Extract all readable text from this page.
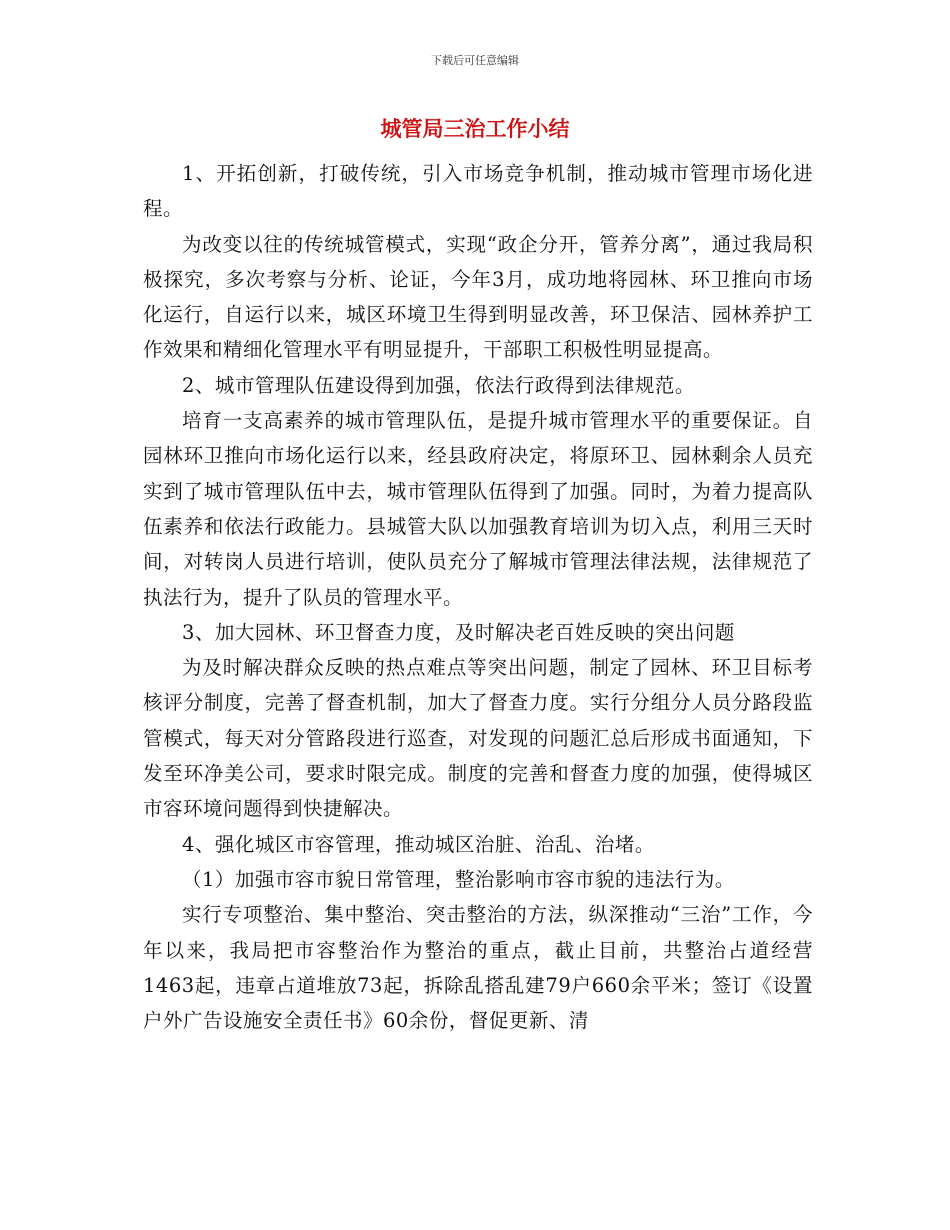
下载后可任意编辑
城管局三治工作小结

1、开拓创新，打破传统，引入市场竞争机制，推动城市管理市场化进程。

为改变以往的传统城管模式，实现“政企分开，管养分离”，通过我局积极探究，多次考察与分析、论证，今年3月，成功地将园林、环卫推向市场化运行，自运行以来，城区环境卫生得到明显改善，环卫保洁、园林养护工作效果和精细化管理水平有明显提升，干部职工积极性明显提高。

2、城市管理队伍建设得到加强，依法行政得到法律规范。

培育一支高素养的城市管理队伍，是提升城市管理水平的重要保证。自园林环卫推向市场化运行以来，经县政府决定，将原环卫、园林剩余人员充实到了城市管理队伍中去，城市管理队伍得到了加强。同时，为着力提高队伍素养和依法行政能力。县城管大队以加强教育培训为切入点，利用三天时间，对转岗人员进行培训，使队员充分了解城市管理法律法规，法律规范了执法行为，提升了队员的管理水平。

3、加大园林、环卫督查力度，及时解决老百姓反映的突出问题

为及时解决群众反映的热点难点等突出问题，制定了园林、环卫目标考核评分制度，完善了督查机制，加大了督查力度。实行分组分人员分路段监管模式，每天对分管路段进行巡查，对发现的问题汇总后形成书面通知，下发至环净美公司，要求时限完成。制度的完善和督查力度的加强，使得城区市容环境问题得到快捷解决。

4、强化城区市容管理，推动城区治脏、治乱、治堵。

（1）加强市容市貌日常管理，整治影响市容市貌的违法行为。

实行专项整治、集中整治、突击整治的方法，纵深推动“三治”工作，今年以来，我局把市容整治作为整治的重点，截止目前，共整治占道经营1463起，违章占道堆放73起，拆除乱搭乱建79户660余平米；签订《设置户外广告设施安全责任书》60余份，督促更新、清
